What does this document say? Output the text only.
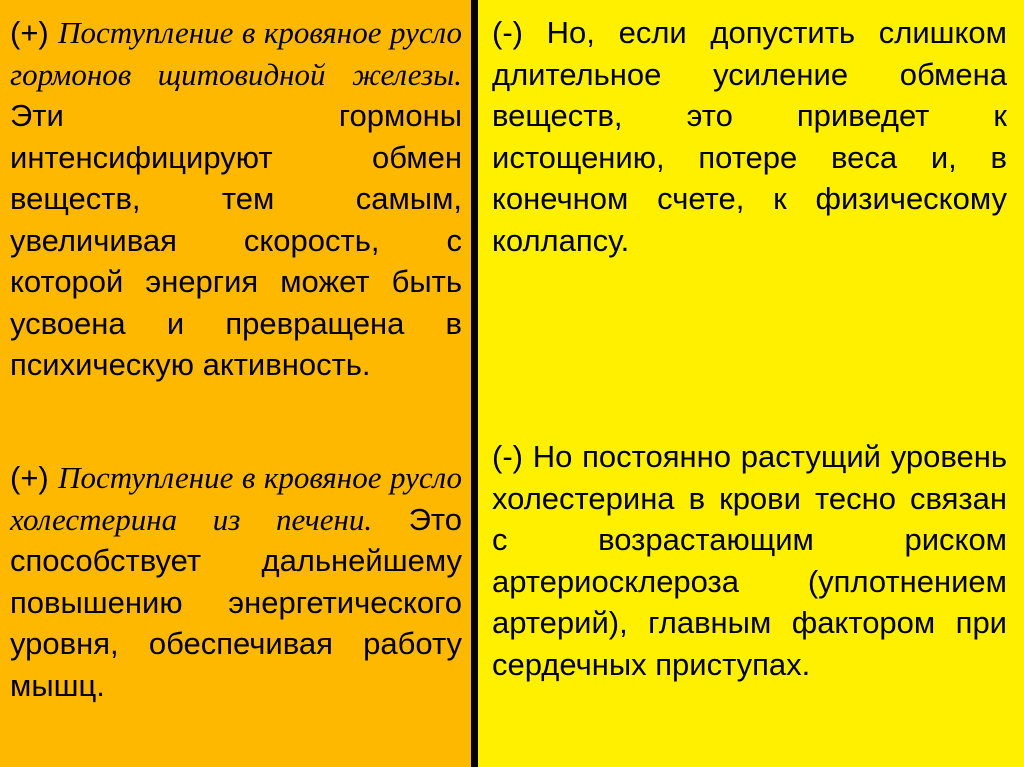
(+) Поступление в кровяное русло гормонов щитовидной железы. Эти гормоны интенсифицируют обмен веществ, тем самым, увеличивая скорость, с которой энергия может быть усвоена и превращена в психическую активность.

(+) Поступление в кровяное русло холестерина из печени. Это способствует дальнейшему повышению энергетического уровня, обеспечивая работу мышц.

(-) Но, если допустить слишком длительное усиление обмена веществ, это приведет к истощению, потере веса и, в конечном счете, к физическому коллапсу.

(-) Но постоянно растущий уровень холестерина в крови тесно связан с возрастающим риском артериосклероза (уплотнением артерий), главным фактором при сердечных приступах.
